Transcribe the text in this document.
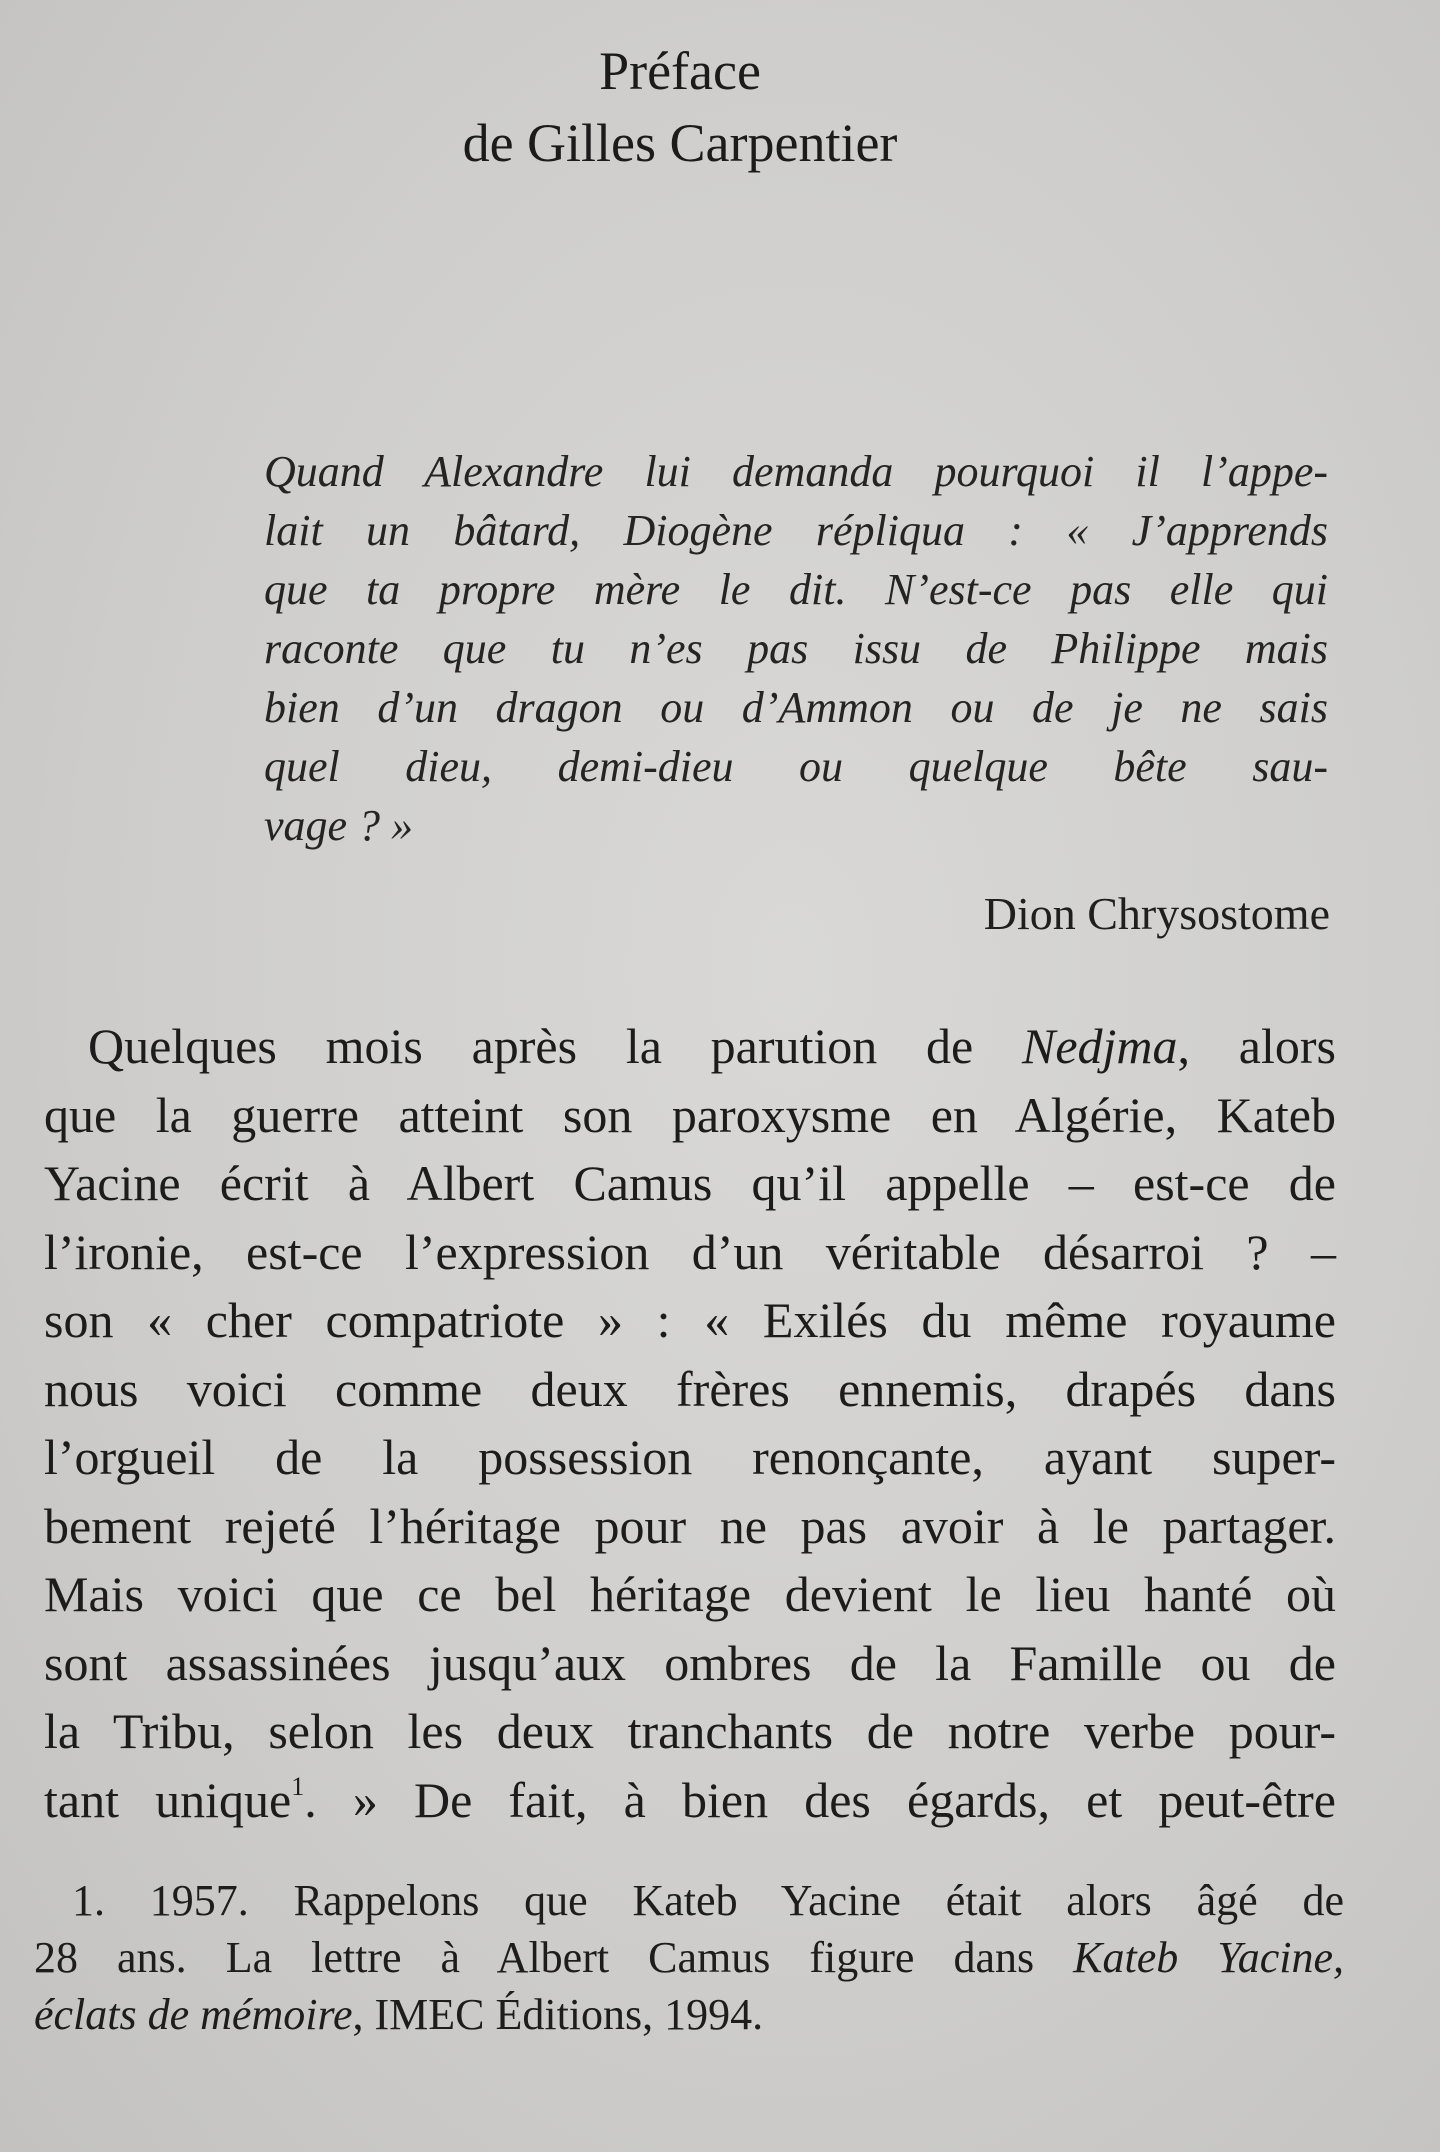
Préface
de Gilles Carpentier
Quand Alexandre lui demanda pourquoi il l’appe-
lait un bâtard, Diogène répliqua : « J’apprends
que ta propre mère le dit. N’est-ce pas elle qui
raconte que tu n’es pas issu de Philippe mais
bien d’un dragon ou d’Ammon ou de je ne sais
quel dieu, demi-dieu ou quelque bête sau-
vage ? »
Dion Chrysostome
Quelques mois après la parution de Nedjma, alors
que la guerre atteint son paroxysme en Algérie, Kateb
Yacine écrit à Albert Camus qu’il appelle – est-ce de
l’ironie, est-ce l’expression d’un véritable désarroi ? –
son « cher compatriote » : « Exilés du même royaume
nous voici comme deux frères ennemis, drapés dans
l’orgueil de la possession renonçante, ayant super-
bement rejeté l’héritage pour ne pas avoir à le partager.
Mais voici que ce bel héritage devient le lieu hanté où
sont assassinées jusqu’aux ombres de la Famille ou de
la Tribu, selon les deux tranchants de notre verbe pour-
tant unique$^1$. » De fait, à bien des égards, et peut-être
1. 1957. Rappelons que Kateb Yacine était alors âgé de
28 ans. La lettre à Albert Camus figure dans Kateb Yacine,
éclats de mémoire, IMEC Éditions, 1994.
